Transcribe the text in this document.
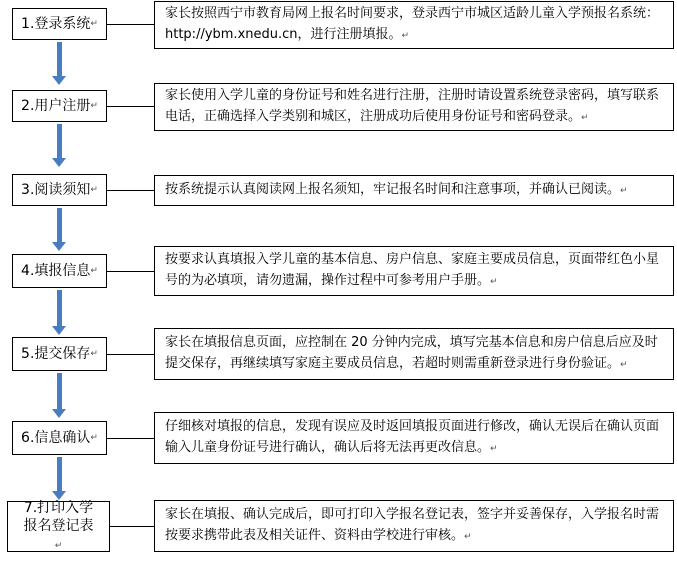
1.登录系统 ↵
家长按照西宁市教育局网上报名时间要求，登录西宁市城区适龄儿童入学预报名系统：http://ybm.xnedu.cn，进行注册填报。↵
2.用户注册 ↵
家长使用入学儿童的身份证号和姓名进行注册，注册时请设置系统登录密码，填写联系电话，正确选择入学类别和城区，注册成功后使用身份证号和密码登录。↵
3.阅读须知 ↵	按系统提示认真阅读网上报名须知，牢记报名时间和注意事项，并确认已阅读。↵
4.填报信息 ↵
按要求认真填报入学儿童的基本信息、房户信息、家庭主要成员信息，页面带红色小星号的为必填项，请勿遗漏，操作过程中可参考用户手册。↵
5.提交保存 ↵
家长在填报信息页面，应控制在 20 分钟内完成，填写完基本信息和房户信息后应及时提交保存，再继续填写家庭主要成员信息，若超时则需重新登录进行身份验证。↵
6.信息确认 ↵
仔细核对填报的信息，发现有误应及时返回填报页面进行修改，确认无误后在确认页面输入儿童身份证号进行确认，确认后将无法再更改信息。↵
7.打印入学报名登记表↵
家长在填报、确认完成后，即可打印入学报名登记表，签字并妥善保存，入学报名时需按要求携带此表及相关证件、资料由学校进行审核。↵
